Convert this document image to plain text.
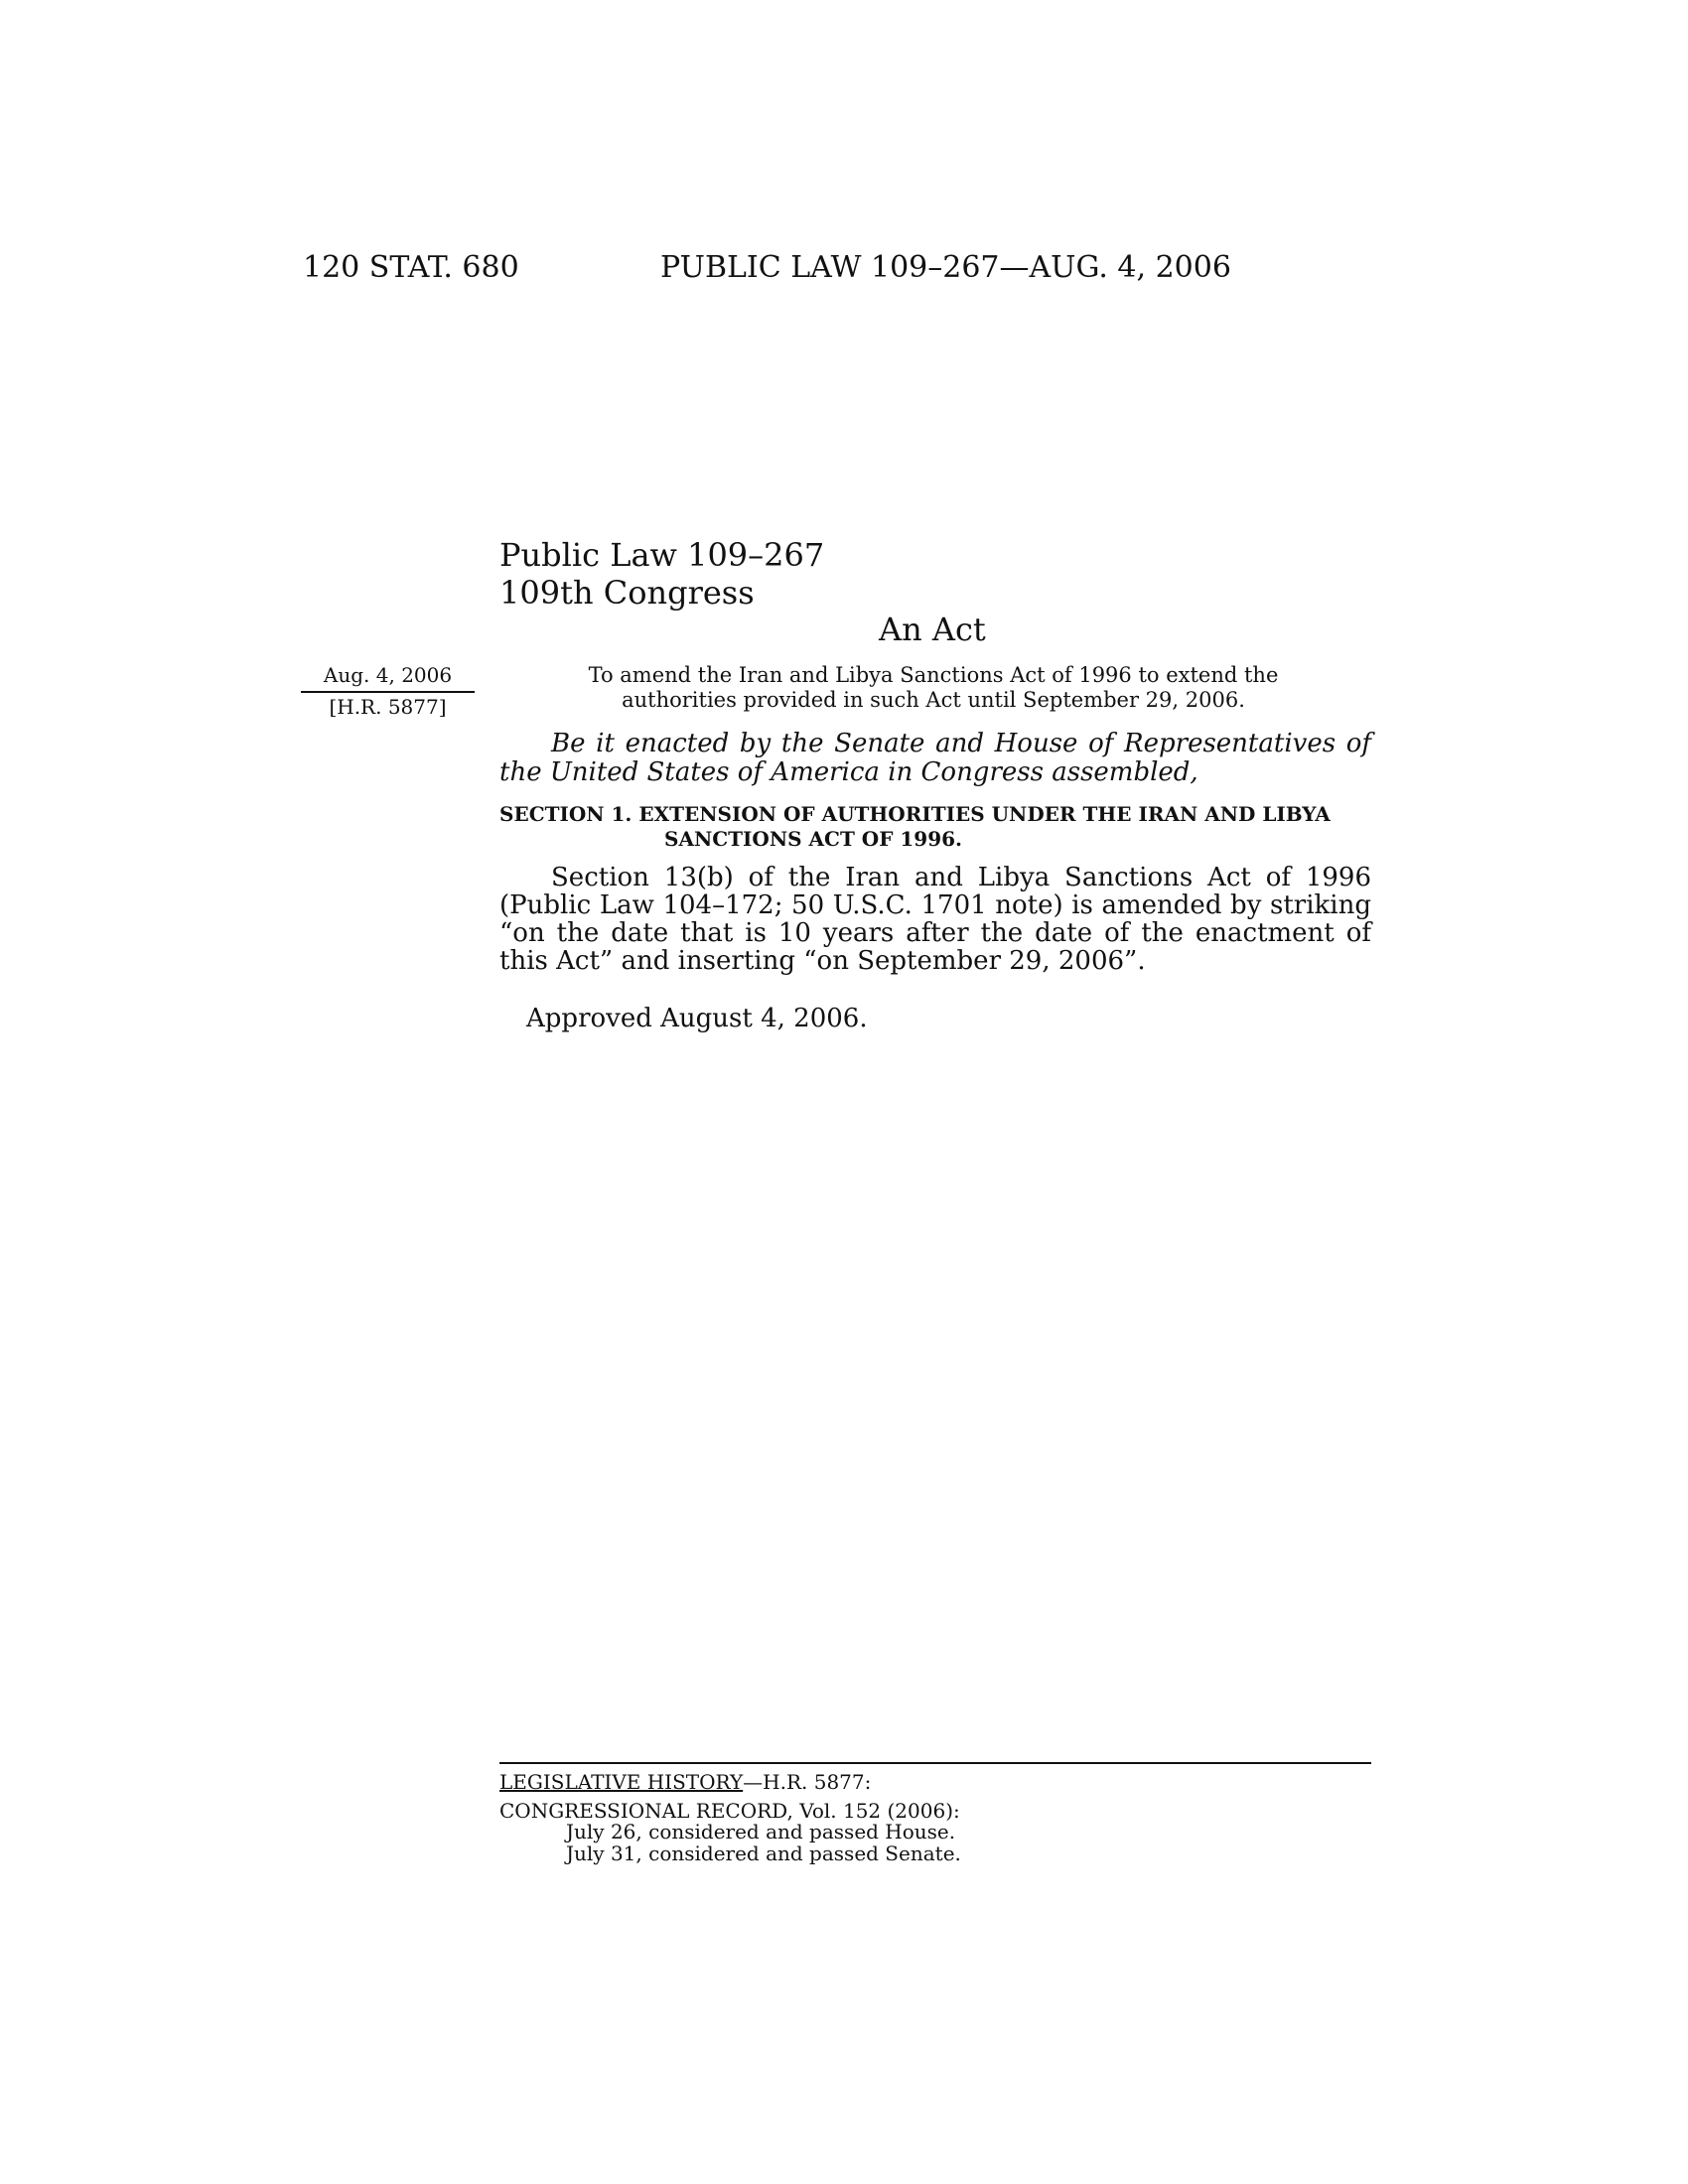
120 STAT. 680	PUBLIC LAW 109–267—AUG. 4, 2006
Public Law 109–267
109th Congress
An Act
Aug. 4, 2006
[H.R. 5877]
To amend the Iran and Libya Sanctions Act of 1996 to extend the authorities provided in such Act until September 29, 2006.
Be it enacted by the Senate and House of Representatives of the United States of America in Congress assembled,
SECTION 1. EXTENSION OF AUTHORITIES UNDER THE IRAN AND LIBYA
SANCTIONS ACT OF 1996.
Section 13(b) of the Iran and Libya Sanctions Act of 1996 (Public Law 104–172; 50 U.S.C. 1701 note) is amended by striking “on the date that is 10 years after the date of the enactment of this Act” and inserting “on September 29, 2006”.
Approved August 4, 2006.
LEGISLATIVE HISTORY—H.R. 5877:
CONGRESSIONAL RECORD, Vol. 152 (2006):
July 26, considered and passed House.
July 31, considered and passed Senate.
